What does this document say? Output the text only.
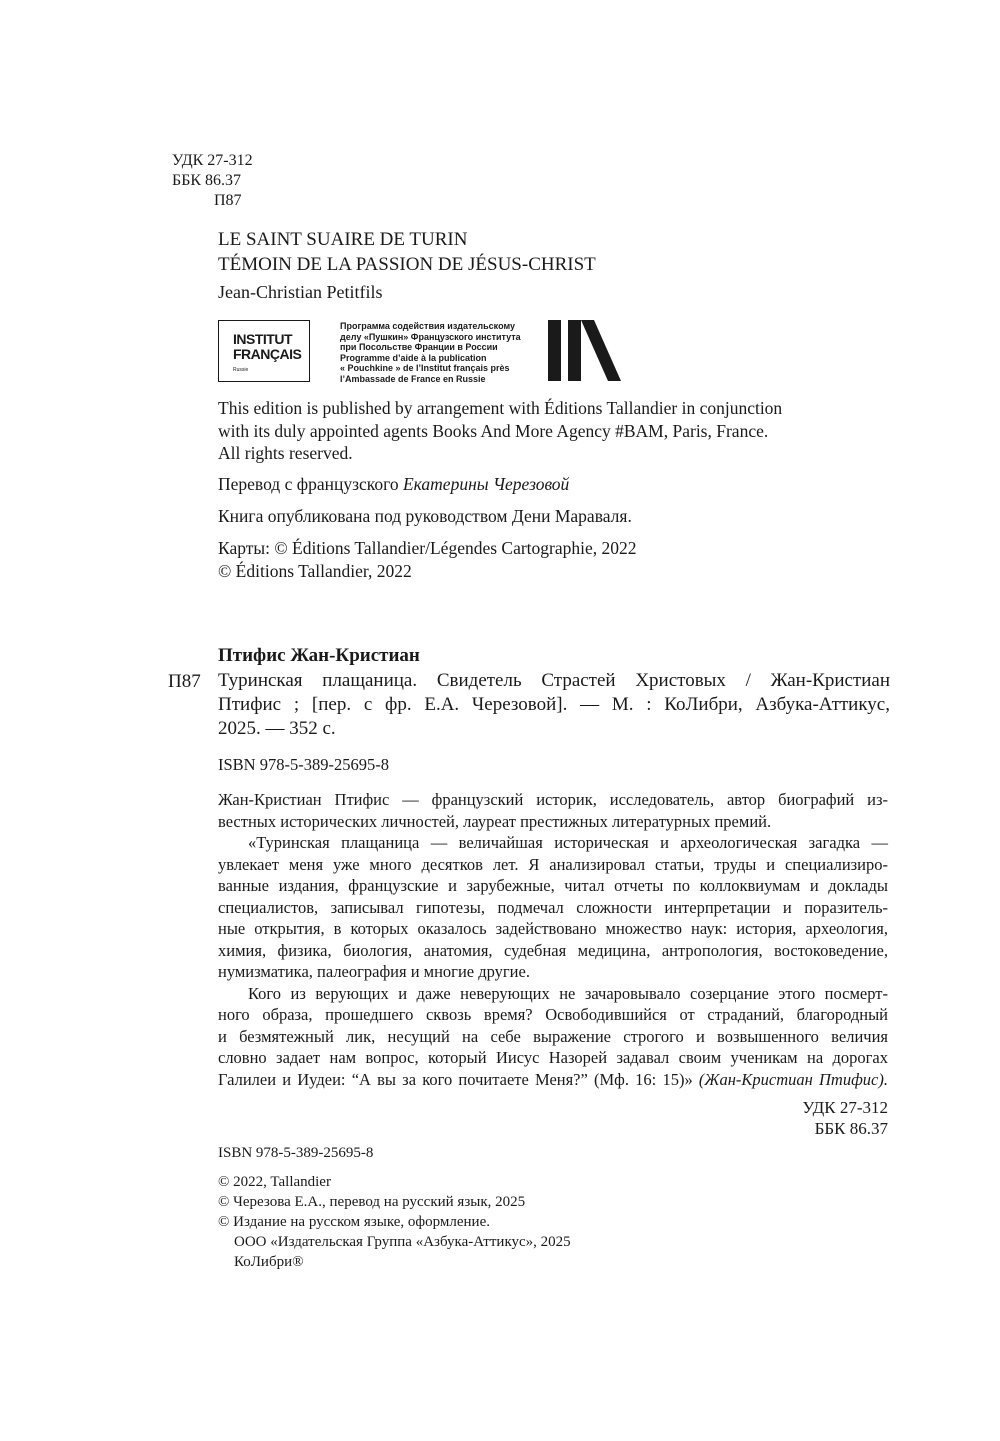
УДК 27-312
ББК 86.37
П87
LE SAINT SUAIRE DE TURIN
TÉMOIN DE LA PASSION DE JÉSUS-CHRIST
Jean-Christian Petitfils
INSTITUT
FRANÇAIS
Russie
Программа содействия издательскому
делу «Пушкин» Французского института
при Посольстве Франции в России
Programme d’aide à la publication
« Pouchkine » de l’Institut français près
l’Ambassade de France en Russie
This edition is published by arrangement with Éditions Tallandier in conjunction
with its duly appointed agents Books And More Agency #BAM, Paris, France.
All rights reserved.
Перевод с французского Екатерины Черезовой
Книга опубликована под руководством Дени Мараваля.
Карты: © Éditions Tallandier/Légendes Cartographie, 2022
© Éditions Tallandier, 2022
Птифис Жан-Кристиан
П87 Туринская плащаница. Свидетель Страстей Христовых / Жан-Кристиан
Птифис ; [пер. с фр. Е.А. Черезовой]. — М. : КоЛибри, Азбука-Аттикус,
2025. — 352 с.
ISBN 978-5-389-25695-8
Жан-Кристиан Птифис — французский историк, исследователь, автор биографий из-
вестных исторических личностей, лауреат престижных литературных премий.
«Туринская плащаница — величайшая историческая и археологическая загадка —
увлекает меня уже много десятков лет. Я анализировал статьи, труды и специализиро-
ванные издания, французские и зарубежные, читал отчеты по коллоквиумам и доклады
специалистов, записывал гипотезы, подмечал сложности интерпретации и поразитель-
ные открытия, в которых оказалось задействовано множество наук: история, археология,
химия, физика, биология, анатомия, судебная медицина, антропология, востоковедение,
нумизматика, палеография и многие другие.
Кого из верующих и даже неверующих не зачаровывало созерцание этого посмерт-
ного образа, прошедшего сквозь время? Освободившийся от страданий, благородный
и безмятежный лик, несущий на себе выражение строгого и возвышенного величия
словно задает нам вопрос, который Иисус Назорей задавал своим ученикам на дорогах
Галилеи и Иудеи: “А вы за кого почитаете Меня?” (Мф. 16: 15)» (Жан-Кристиан Птифис).
УДК 27-312
ББК 86.37
ISBN 978-5-389-25695-8
© 2022, Tallandier
© Черезова Е.А., перевод на русский язык, 2025
© Издание на русском языке, оформление.
ООО «Издательская Группа «Азбука-Аттикус», 2025
КоЛибри®
